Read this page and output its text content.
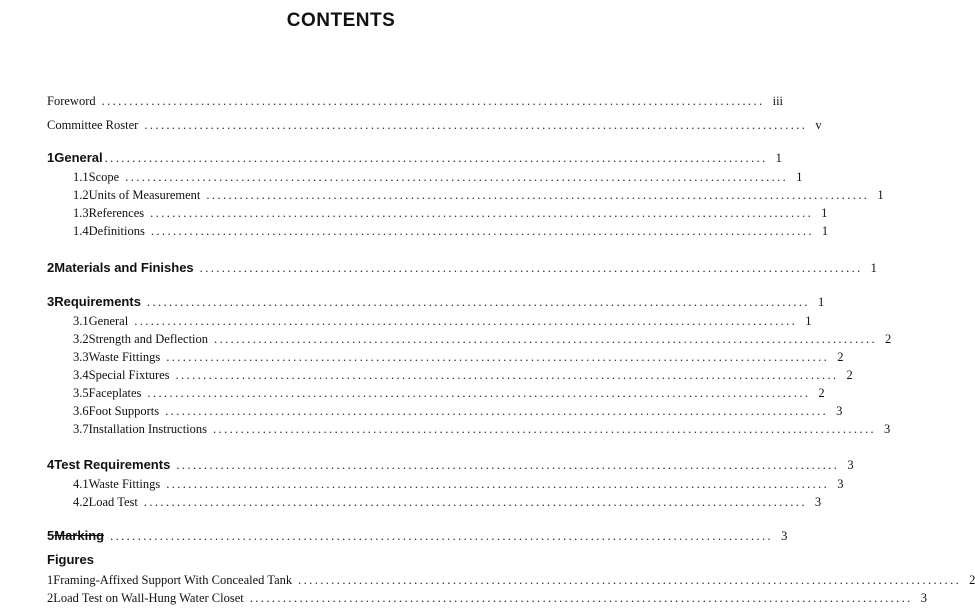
CONTENTS
Foreword ........................................................................................................................ iii
Committee Roster ........................................................................................................................ v
1 General ........................................................................................................................ 1
1.1 Scope ........................................................................................................................ 1
1.2 Units of Measurement ........................................................................................................................ 1
1.3 References ........................................................................................................................ 1
1.4 Definitions ........................................................................................................................ 1
2 Materials and Finishes ........................................................................................................................ 1
3 Requirements ........................................................................................................................ 1
3.1 General ........................................................................................................................ 1
3.2 Strength and Deflection ........................................................................................................................ 2
3.3 Waste Fittings ........................................................................................................................ 2
3.4 Special Fixtures ........................................................................................................................ 2
3.5 Faceplates ........................................................................................................................ 2
3.6 Foot Supports ........................................................................................................................ 3
3.7 Installation Instructions ........................................................................................................................ 3
4 Test Requirements ........................................................................................................................ 3
4.1 Waste Fittings ........................................................................................................................ 3
4.2 Load Test ........................................................................................................................ 3
5 Marking ........................................................................................................................ 3
Figures
1 Framing-Affixed Support With Concealed Tank ........................................................................................................................ 2
2 Load Test on Wall-Hung Water Closet ........................................................................................................................ 3
